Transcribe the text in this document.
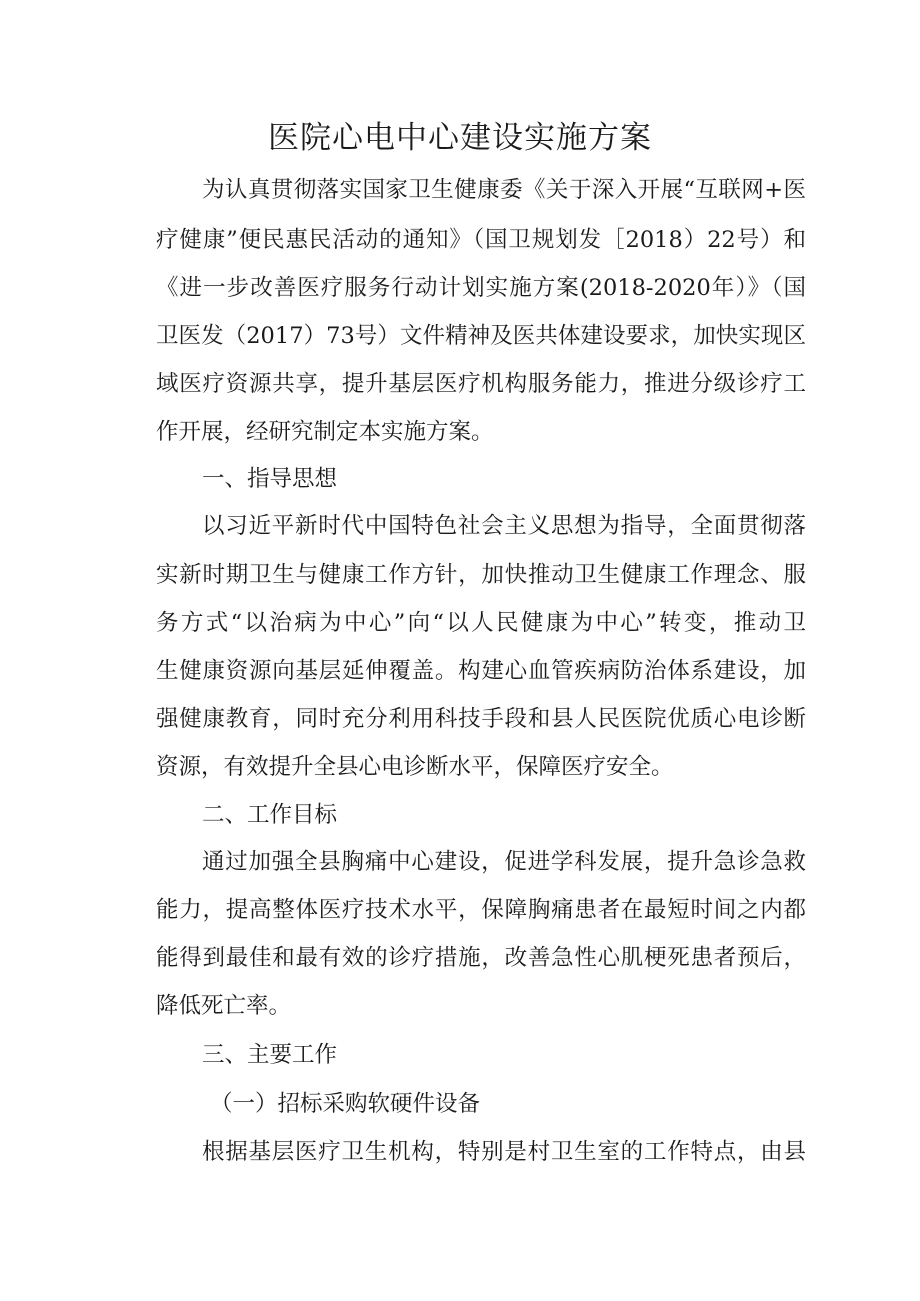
医院心电中心建设实施方案

为认真贯彻落实国家卫生健康委《关于深入开展“互联网+医

疗健康”便民惠民活动的通知》（国卫规划发［2018）22号）和

《进一步改善医疗服务行动计划实施方案(2018-2020年）》（国

卫医发（2017）73号）文件精神及医共体建设要求，加快实现区

域医疗资源共享，提升基层医疗机构服务能力，推进分级诊疗工

作开展，经研究制定本实施方案。

一、指导思想

以习近平新时代中国特色社会主义思想为指导，全面贯彻落

实新时期卫生与健康工作方针，加快推动卫生健康工作理念、服

务方式“以治病为中心”向“以人民健康为中心”转变，推动卫

生健康资源向基层延伸覆盖。构建心血管疾病防治体系建设，加

强健康教育，同时充分利用科技手段和县人民医院优质心电诊断

资源，有效提升全县心电诊断水平，保障医疗安全。

二、工作目标

通过加强全县胸痛中心建设，促进学科发展，提升急诊急救

能力，提高整体医疗技术水平，保障胸痛患者在最短时间之内都

能得到最佳和最有效的诊疗措施，改善急性心肌梗死患者预后，

降低死亡率。

三、主要工作

（一）招标采购软硬件设备

根据基层医疗卫生机构，特别是村卫生室的工作特点，由县
